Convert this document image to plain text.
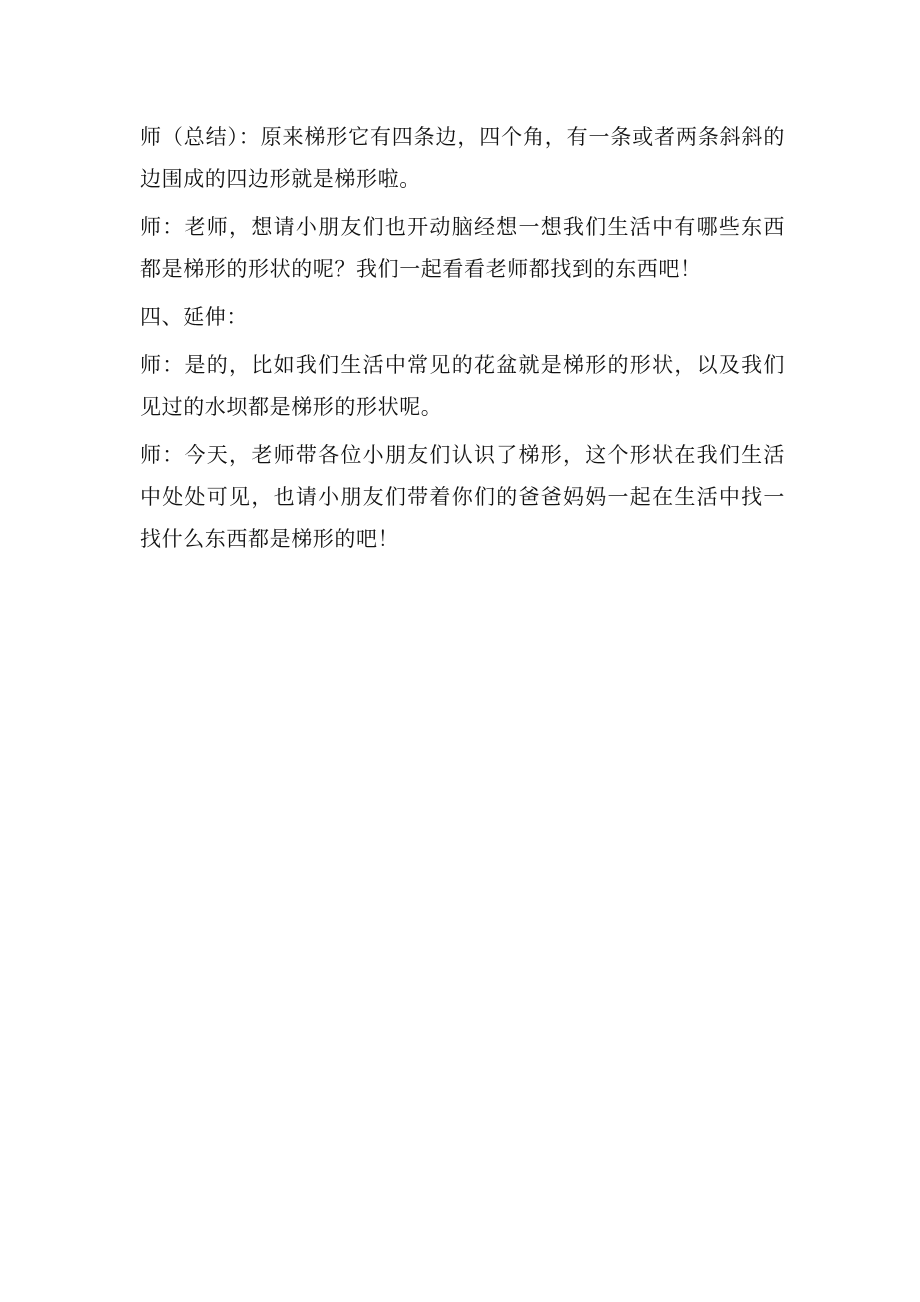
师（总结）：原来梯形它有四条边，四个角，有一条或者两条斜斜的边围成的四边形就是梯形啦。

师：老师，想请小朋友们也开动脑经想一想我们生活中有哪些东西都是梯形的形状的呢？我们一起看看老师都找到的东西吧！

四、延伸：

师：是的，比如我们生活中常见的花盆就是梯形的形状，以及我们见过的水坝都是梯形的形状呢。

师：今天，老师带各位小朋友们认识了梯形，这个形状在我们生活中处处可见，也请小朋友们带着你们的爸爸妈妈一起在生活中找一找什么东西都是梯形的吧！
